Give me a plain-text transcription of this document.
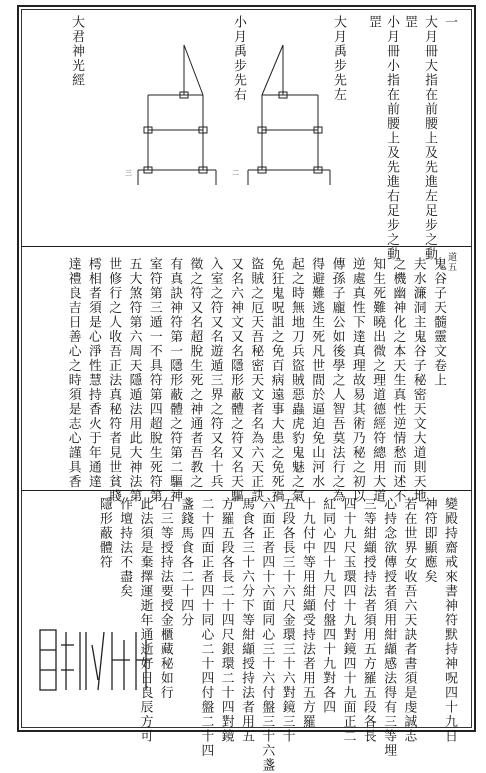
一
大月冊大指在前腰上及先進左足步之動
罡
小月冊小指在前腰上及先進右足步之動
罡
大月禹步先左
小月禹步先右
大君神光經
二
三
道五
鬼谷子天髓靈文卷上
夫水濂洞主鬼谷子秘密天文大道則天地
之機幽神化之本天生真性逆情愁而述不
知生死難曉出微之理道德經符總用大道
逆處真性下達真理故易其術乃秘之初以
傳孫子龐公如後學之人智吾莫法行之為
得避難逃生死凡世間於逼迫免山河水
起之時無地刀兵盜賊惡蟲虎豹鬼魅之氣
免狂鬼呪詛之免百病遠事大患之免死禍
盜賊之厄天吾秘密天文者名為六天正訣
又名六神文又名隱形蔽體之符又名天驅
入室之符又名遊遁三界之符又名十兵
徵之符又名超脫生死之神通者吾教之
有真訣神符第一隱形蔽體之符第二驅神
室符第三遁一不具符第四超脫生死符第
五大煞符第六周天隱遁法用此大神法第
世修行之人收吾正法真秘符者見世貧賤
樗相者須是心淨性慧持香火于年通達
達禮良吉日善心之時須是志心謹具香
變殿持齋戒來書神符默持神呪四十九日
神符即顯應矣
若在世界女收吾六天訣者書須是虔誠志
心持念欲傳授者須用紺纈感法得有三等埋
三等紺纈授持法者須用五方羅五段各長
四十九尺玉環四十九對鏡四十九面正二
紅同心四十九尺付盤四十九對各四
十九付中等用紺纈受持法者用五方羅
五段各長三十六尺金環三十六對鏡三十
六面正者四十六面同心三十六付盤三十六盞
馬食各三十六分下等紺纈授持法者用五
方羅五段各長二十四尺銀環二十四對鏡
二十四面正者四十同心二十四付盤二十四
盞錢馬食各二十四分
右三等授持法要授金櫃藏秘如行
此法須是棄擇運逝年通逝好日良辰方可
作壇持法不盡矣
隱形蔽體符
